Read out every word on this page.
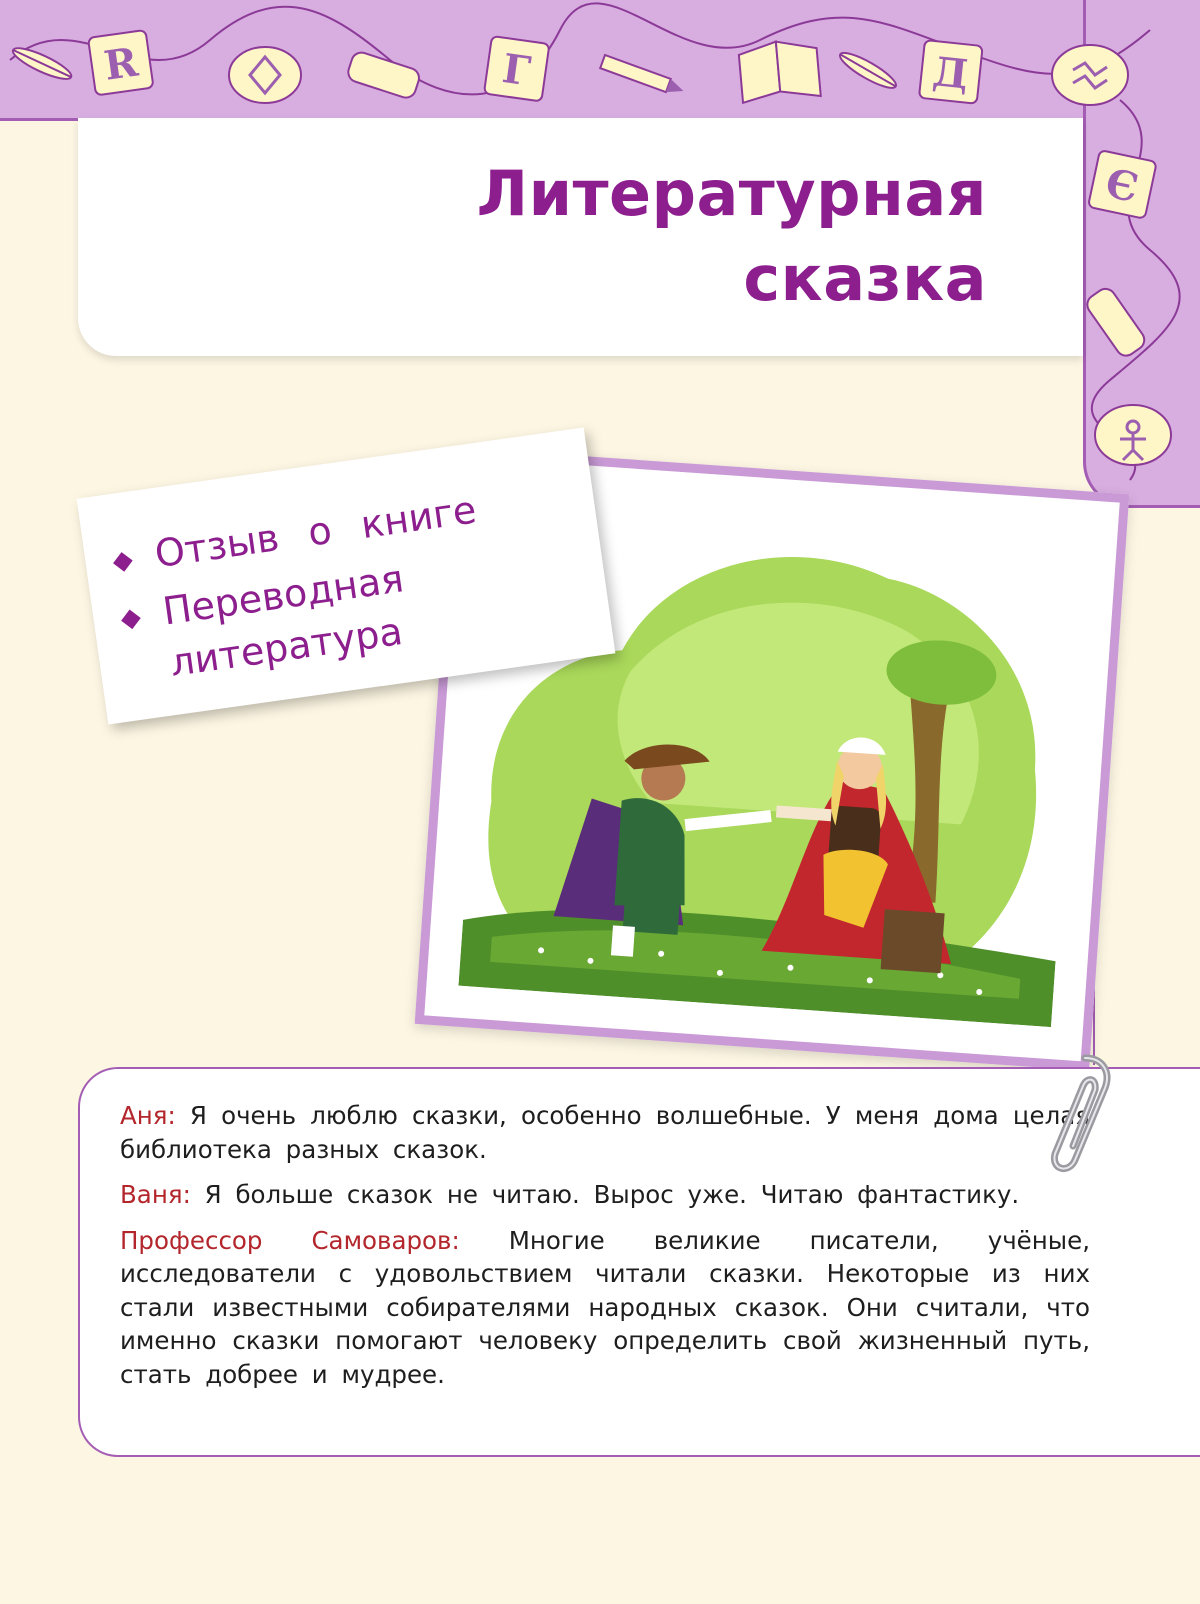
R	Г	Д
Є
Литературная
сказка
Отзыв о книге
Переводная литература

Аня: Я очень люблю сказки, особенно волшебные. У меня дома целая библиотека разных сказок.

Ваня: Я больше сказок не читаю. Вырос уже. Читаю фантастику.

Профессор Самоваров: Многие великие писатели, учёные, исследователи с удовольствием читали сказки. Некоторые из них стали известными собирателями народных сказок. Они считали, что именно сказки помогают человеку определить свой жизненный путь, стать добрее и мудрее.
